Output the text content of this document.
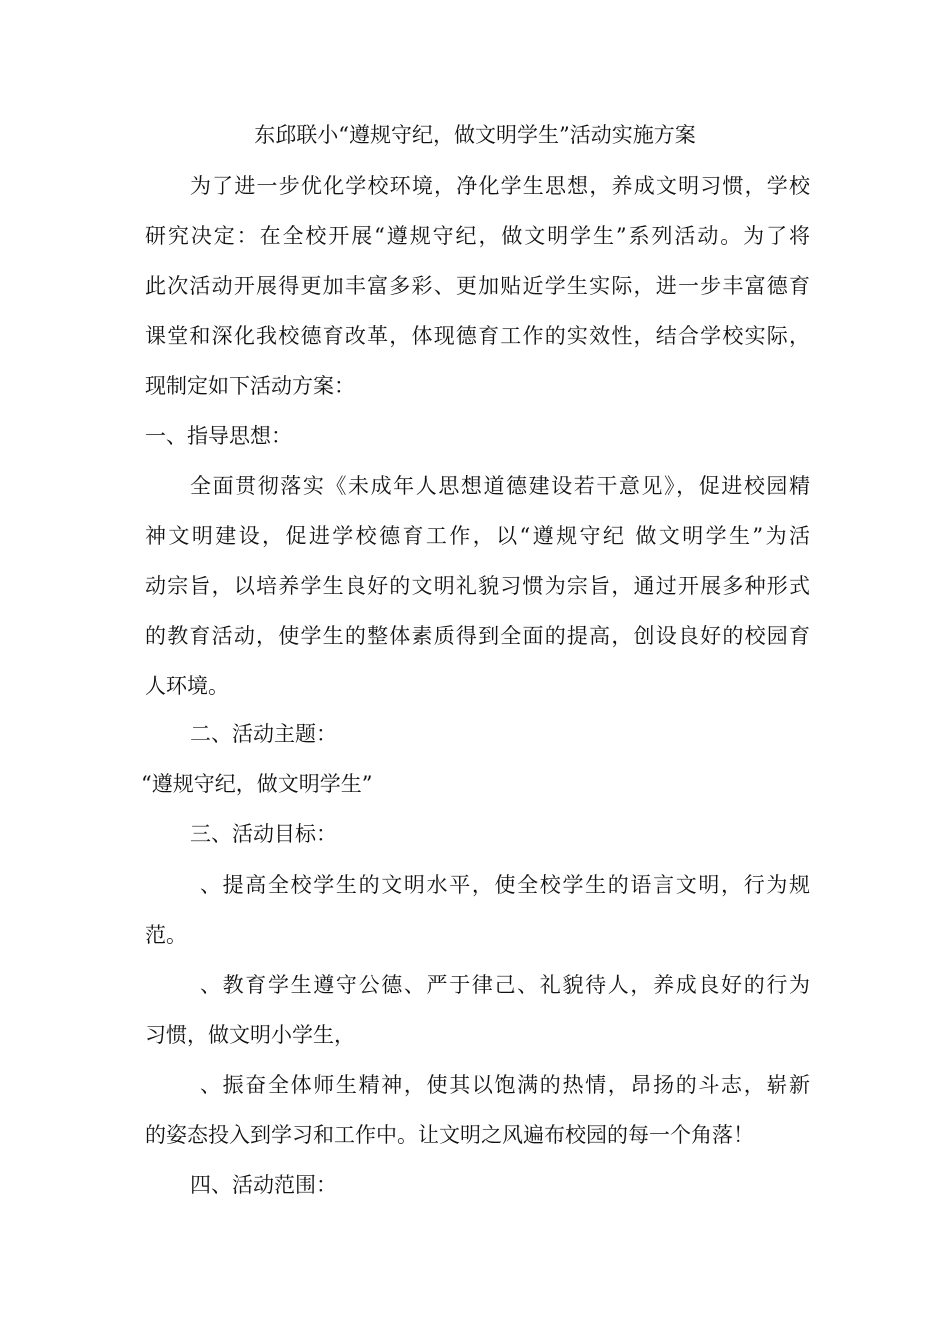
东邱联小“遵规守纪，做文明学生”活动实施方案
为了进一步优化学校环境，净化学生思想，养成文明习惯，学校
研究决定：在全校开展“遵规守纪，做文明学生”系列活动。为了将
此次活动开展得更加丰富多彩、更加贴近学生实际，进一步丰富德育
课堂和深化我校德育改革，体现德育工作的实效性，结合学校实际，
现制定如下活动方案：
一、指导思想：
全面贯彻落实《未成年人思想道德建设若干意见》，促进校园精
神文明建设，促进学校德育工作，以“遵规守纪 做文明学生”为活
动宗旨，以培养学生良好的文明礼貌习惯为宗旨，通过开展多种形式
的教育活动，使学生的整体素质得到全面的提高，创设良好的校园育
人环境。
二、活动主题：
“遵规守纪，做文明学生”
三、活动目标：
、提高全校学生的文明水平，使全校学生的语言文明，行为规
范。
、教育学生遵守公德、严于律己、礼貌待人，养成良好的行为
习惯，做文明小学生，
、振奋全体师生精神，使其以饱满的热情，昂扬的斗志，崭新
的姿态投入到学习和工作中。让文明之风遍布校园的每一个角落！
四、活动范围：
